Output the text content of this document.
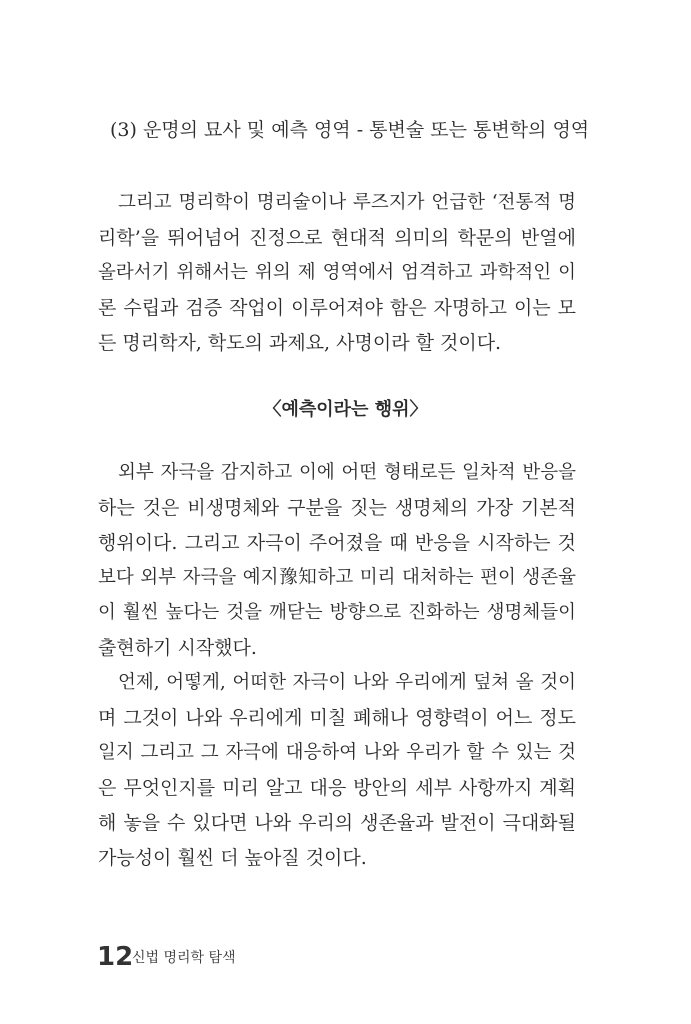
(3) 운명의 묘사 및 예측 영역 - 통변술 또는 통변학의 영역
그리고 명리학이 명리술이나 루즈지가 언급한 ‘전통적 명
리학’을 뛰어넘어 진정으로 현대적 의미의 학문의 반열에
올라서기 위해서는 위의 제 영역에서 엄격하고 과학적인 이
론 수립과 검증 작업이 이루어져야 함은 자명하고 이는 모
든 명리학자, 학도의 과제요, 사명이라 할 것이다.
〈예측이라는 행위〉
외부 자극을 감지하고 이에 어떤 형태로든 일차적 반응을
하는 것은 비생명체와 구분을 짓는 생명체의 가장 기본적
행위이다. 그리고 자극이 주어졌을 때 반응을 시작하는 것
보다 외부 자극을 예지豫知하고 미리 대처하는 편이 생존율
이 훨씬 높다는 것을 깨닫는 방향으로 진화하는 생명체들이
출현하기 시작했다.
언제, 어떻게, 어떠한 자극이 나와 우리에게 덮쳐 올 것이
며 그것이 나와 우리에게 미칠 폐해나 영향력이 어느 정도
일지 그리고 그 자극에 대응하여 나와 우리가 할 수 있는 것
은 무엇인지를 미리 알고 대응 방안의 세부 사항까지 계획
해 놓을 수 있다면 나와 우리의 생존율과 발전이 극대화될
가능성이 훨씬 더 높아질 것이다.
12
신법 명리학 탐색
